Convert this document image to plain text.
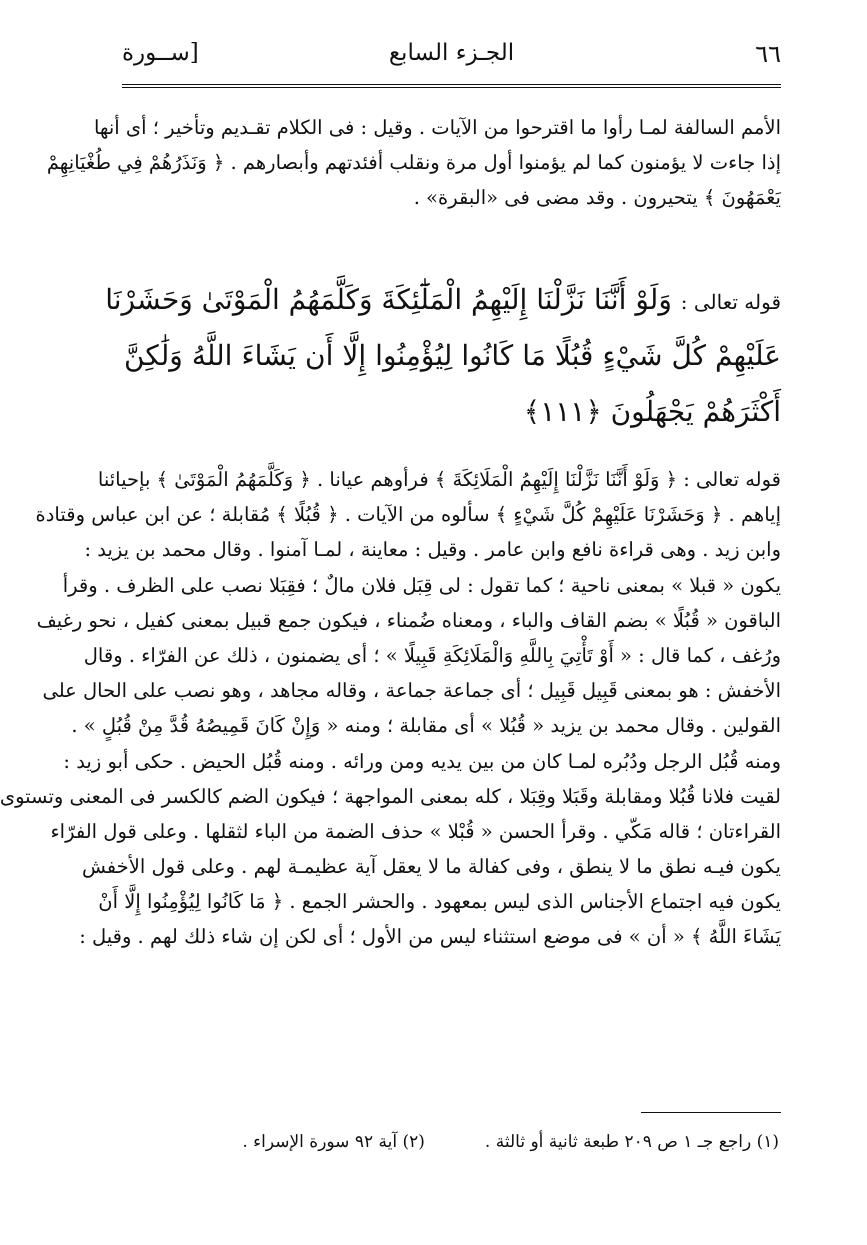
[ســورة	الجـزء السابع	٦٦
الأمم السالفة لمـا رأوا ما اقترحوا من الآيات . وقيل : فى الكلام تقـديم وتأخير ؛ أى أنها
إذا جاءت لا يؤمنون كما لم يؤمنوا أول مرة ونقلب أفئدتهم وأبصارهم . ﴿ وَنَذَرُهُمْ فِي طُغْيَانِهِمْ
يَعْمَهُونَ ﴾ يتحيرون . وقد مضى فى «البقرة» .
قوله تعالى : وَلَوْ أَنَّنَا نَزَّلْنَا إِلَيْهِمُ الْمَلَٰٓئِكَةَ وَكَلَّمَهُمُ الْمَوْتَىٰ وَحَشَرْنَا
عَلَيْهِمْ كُلَّ شَيْءٍ قُبُلًا مَا كَانُوا لِيُؤْمِنُوا إِلَّا أَن يَشَاءَ اللَّهُ وَلَٰكِنَّ
أَكْثَرَهُمْ يَجْهَلُونَ ﴿١١١﴾
قوله تعالى : ﴿ وَلَوْ أَنَّنَا نَزَّلْنَا إِلَيْهِمُ الْمَلَائِكَةَ ﴾ فرأوهم عيانا . ﴿ وَكَلَّمَهُمُ الْمَوْتَىٰ ﴾ بإحيائنا
إياهم . ﴿ وَحَشَرْنَا عَلَيْهِمْ كُلَّ شَيْءٍ ﴾ سألوه من الآيات . ﴿ قُبُلًا ﴾ مُقابلة ؛ عن ابن عباس وقتادة
وابن زيد . وهى قراءة نافع وابن عامر . وقيل : معاينة ، لمـا آمنوا . وقال محمد بن يزيد :
يكون « قبلا » بمعنى ناحية ؛ كما تقول : لى قِبَل فلان مالٌ ؛ فقِبَلا نصب على الظرف . وقرأ
الباقون « قُبُلًا » بضم القاف والباء ، ومعناه ضُمناء ، فيكون جمع قبيل بمعنى كفيل ، نحو رغيف
ورُغف ، كما قال : « أَوْ تَأْتِيَ بِاللَّهِ وَالْمَلَائِكَةِ قَبِيلًا » ؛ أى يضمنون ، ذلك عن الفرّاء . وقال
الأخفش : هو بمعنى قَبِيل قَبِيل ؛ أى جماعة جماعة ، وقاله مجاهد ، وهو نصب على الحال على
القولين . وقال محمد بن يزيد « قُبُلا » أى مقابلة ؛ ومنه « وَإِنْ كَانَ قَمِيصُهُ قُدَّ مِنْ قُبُلٍ » .
ومنه قُبُل الرجل ودُبُره لمـا كان من بين يديه ومن ورائه . ومنه قُبُل الحيض . حكى أبو زيد :
لقيت فلانا قُبُلا ومقابلة وقَبَلا وقِبَلا ، كله بمعنى المواجهة ؛ فيكون الضم كالكسر فى المعنى وتستوى
القراءتان ؛ قاله مَكّي . وقرأ الحسن « قُبْلا » حذف الضمة من الباء لثقلها . وعلى قول الفرّاء
يكون فيـه نطق ما لا ينطق ، وفى كفالة ما لا يعقل آية عظيمـة لهم . وعلى قول الأخفش
يكون فيه اجتماع الأجناس الذى ليس بمعهود . والحشر الجمع . ﴿ مَا كَانُوا لِيُؤْمِنُوا إِلَّا أَنْ
يَشَاءَ اللَّهُ ﴾ « أن » فى موضع استثناء ليس من الأول ؛ أى لكن إن شاء ذلك لهم . وقيل :
(١) راجع جـ ١ ص ٢٠٩ طبعة ثانية أو ثالثة .
(٢) آية ٩٢ سورة الإسراء .
